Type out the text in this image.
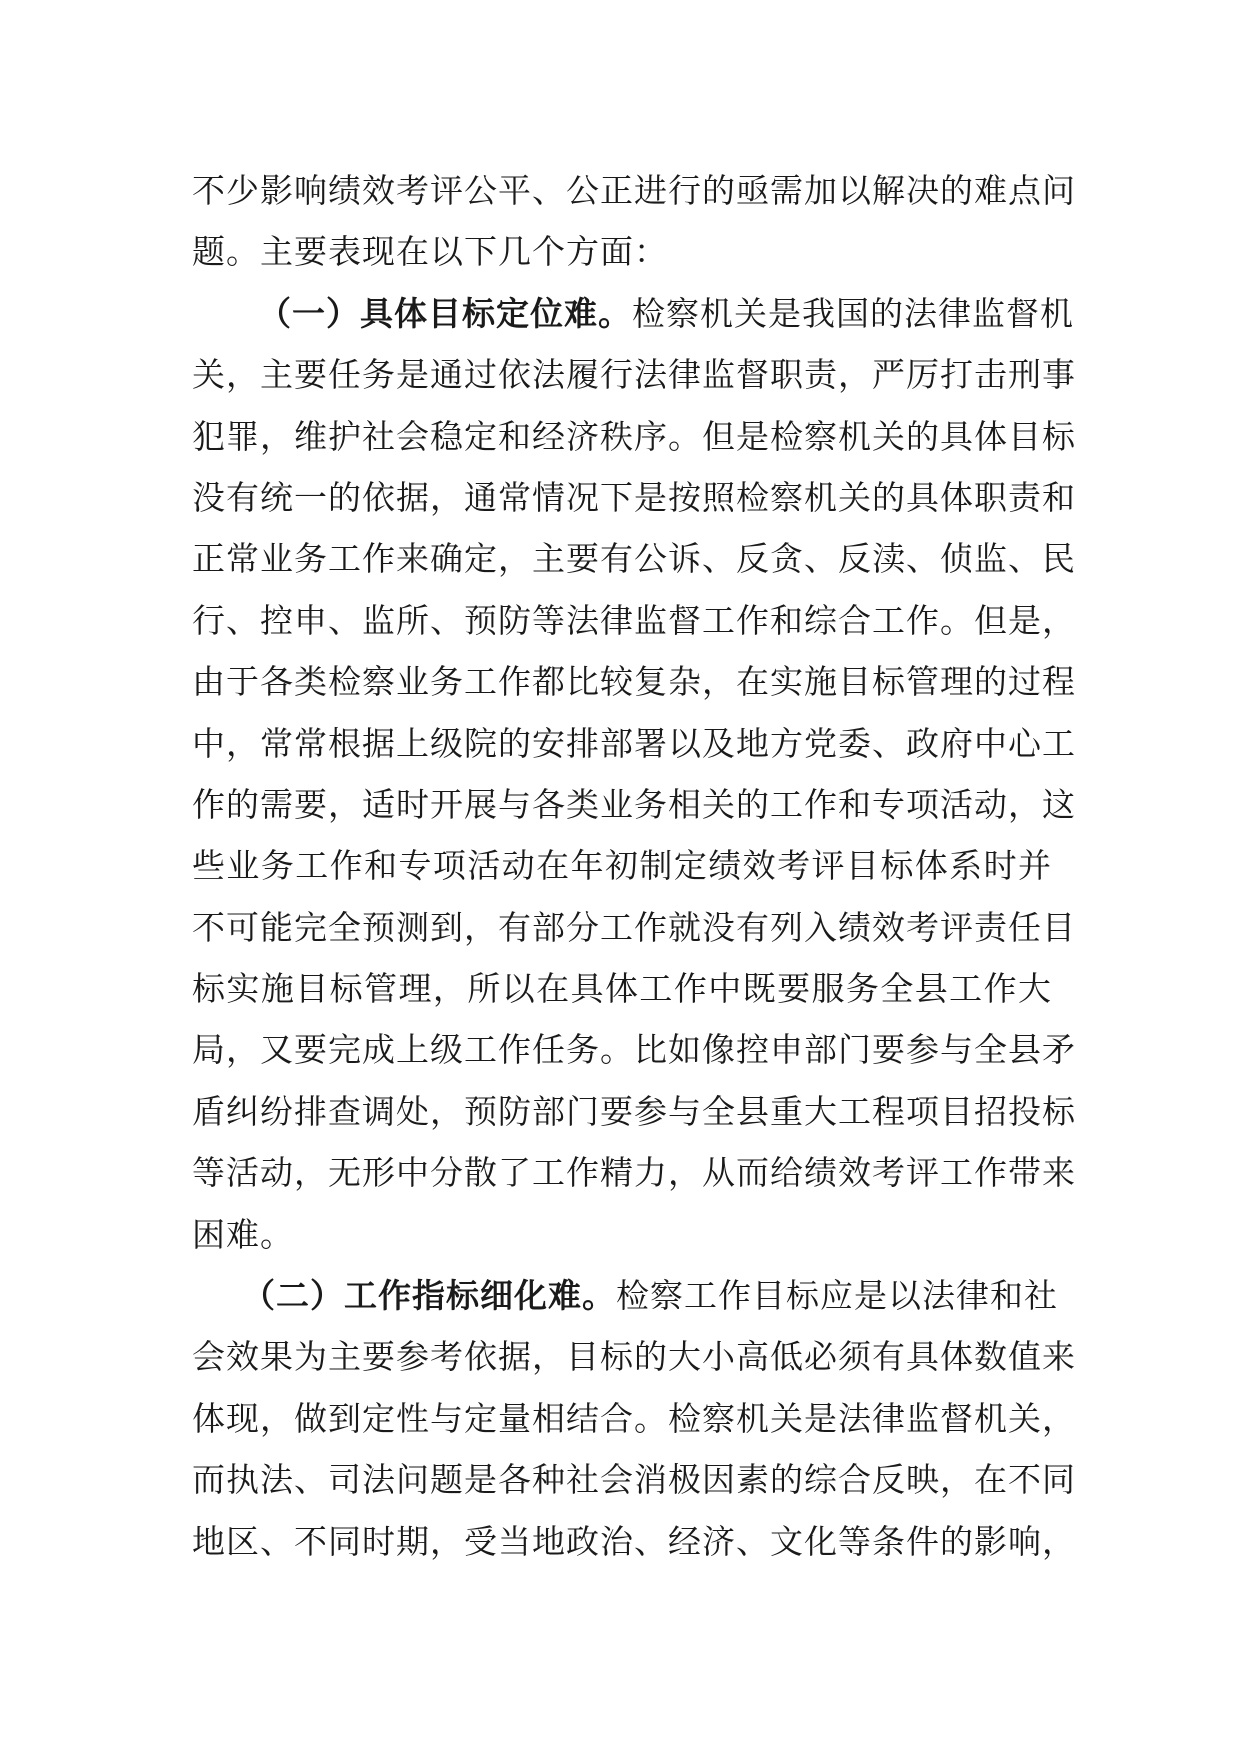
不少影响绩效考评公平、公正进行的亟需加以解决的难点问
题。主要表现在以下几个方面：
（一）具体目标定位难。检察机关是我国的法律监督机
关，主要任务是通过依法履行法律监督职责，严厉打击刑事
犯罪，维护社会稳定和经济秩序。但是检察机关的具体目标
没有统一的依据，通常情况下是按照检察机关的具体职责和
正常业务工作来确定，主要有公诉、反贪、反渎、侦监、民
行、控申、监所、预防等法律监督工作和综合工作。但是，
由于各类检察业务工作都比较复杂，在实施目标管理的过程
中，常常根据上级院的安排部署以及地方党委、政府中心工
作的需要，适时开展与各类业务相关的工作和专项活动，这
些业务工作和专项活动在年初制定绩效考评目标体系时并
不可能完全预测到，有部分工作就没有列入绩效考评责任目
标实施目标管理，所以在具体工作中既要服务全县工作大
局，又要完成上级工作任务。比如像控申部门要参与全县矛
盾纠纷排查调处，预防部门要参与全县重大工程项目招投标
等活动，无形中分散了工作精力，从而给绩效考评工作带来
困难。
（二）工作指标细化难。检察工作目标应是以法律和社
会效果为主要参考依据，目标的大小高低必须有具体数值来
体现，做到定性与定量相结合。检察机关是法律监督机关，
而执法、司法问题是各种社会消极因素的综合反映，在不同
地区、不同时期，受当地政治、经济、文化等条件的影响，
